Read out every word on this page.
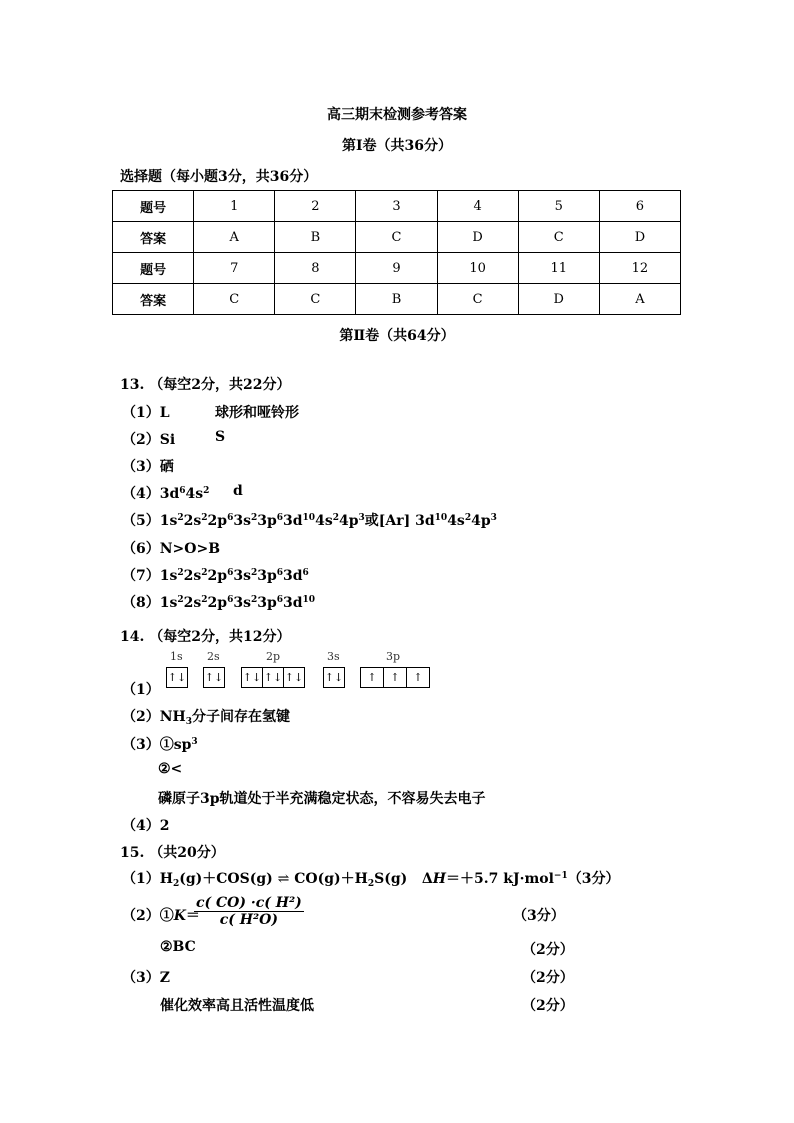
高三期末检测参考答案
第Ⅰ卷（共36分）
选择题（每小题3分，共36分）
题号	1	2	3	4	5	6
答案	A	B	C	D	C	D
题号	7	8	9	10	11	12
答案	C	C	B	C	D	A
第Ⅱ卷（共64分）
13. （每空2分，共22分）
（1）L	球形和哑铃形
（2）Si	S
（3）硒
$(4)3d^64s^2$ d
$(5)1s^22s^22p^63s^23p^63d^{10}4s^24p^3$或[Ar] $3d^{10}4s^24p^3$
（6）N>O>B
$(7)1s^22s^22p^63s^23p^63d^6$
$(8)1s^22s^22p^63s^23p^63d^{10}$
14. （每空2分，共12分）
（1）
1s 2s	2p	3s	3p
↑↓ ↑↓ ↑↓ ↑↓ ↑↓ ↑↓	↑	↑	↑
$(2)NH_3$分子间存在氢键
$(3)①sp^3$
②<
磷原子3p轨道处于半充满稳定状态，不容易失去电子
（4）2
15. （共20分）
$(1)H_2(g)+COS(g)$ ⇌ $CO(g)+H_2S(g)$   ΔH＝＋5.7 kJ·mol$^{-1}$（3分）
（2）①K＝
$\frac{\text{c( CO) ·c( H²)}}{\text{c( H²O)}}$	（3分）
②BC	（2分）
（3）Z	（2分）
催化效率高且活性温度低	（2分）
